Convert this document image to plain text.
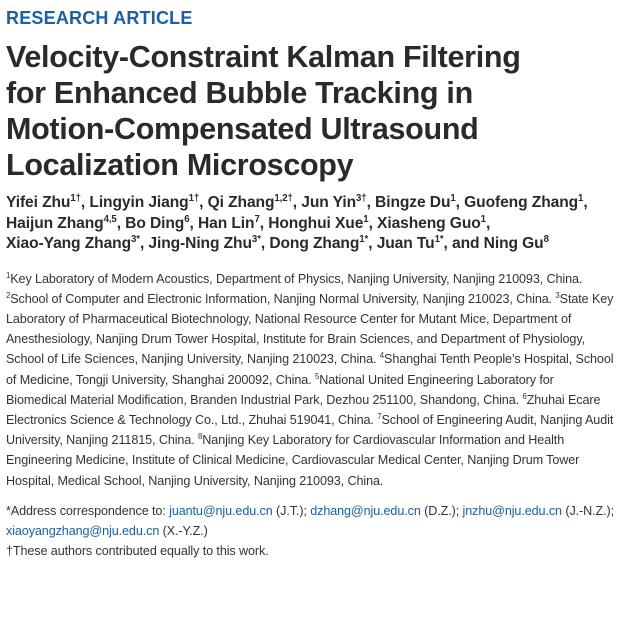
RESEARCH ARTICLE
Velocity-Constraint Kalman Filtering
for Enhanced Bubble Tracking in
Motion-Compensated Ultrasound
Localization Microscopy
Yifei Zhu$^{1\dagger}$, Lingyin Jiang$^{1\dagger}$, Qi Zhang$^{1,2\dagger}$, Jun Yin$^{3\dagger}$, Bingze Du$^1$, Guofeng Zhang$^1$, Haijun Zhang$^{4,5}$, Bo Ding$^6$, Han Lin$^7$, Honghui Xue$^1$, Xiasheng Guo$^1$, Xiao-Yang Zhang$^{3*}$, Jing-Ning Zhu$^{3*}$, Dong Zhang$^{1*}$, Juan $Tu^{1*}$, and Ning Gu$^8$
$^1$Key Laboratory of Modern Acoustics, Department of Physics, Nanjing University, Nanjing 210093, China. $^2$School of Computer and Electronic Information, Nanjing Normal University, Nanjing 210023, China. $^3$State Key Laboratory of Pharmaceutical Biotechnology, National Resource Center for Mutant Mice, Department of Anesthesiology, Nanjing Drum Tower Hospital, Institute for Brain Sciences, and Department of Physiology, School of Life Sciences, Nanjing University, Nanjing 210023, China. $^4$Shanghai Tenth People’s Hospital, School of Medicine, Tongji University, Shanghai 200092, China. $^5$National United Engineering Laboratory for Biomedical Material Modification, Branden Industrial Park, Dezhou 251100, Shandong, China. $^6$Zhuhai Ecare Electronics Science & Technology Co., Ltd., Zhuhai 519041, China. $^7$School of Engineering Audit, Nanjing Audit University, Nanjing 211815, China. $^8$Nanjing Key Laboratory for Cardiovascular Information and Health Engineering Medicine, Institute of Clinical Medicine, Cardiovascular Medical Center, Nanjing Drum Tower Hospital, Medical School, Nanjing University, Nanjing 210093, China.
*Address correspondence to: juantu@nju.edu.cn (J.T.); dzhang@nju.edu.cn (D.Z.); jnzhu@nju.edu.cn (J.-N.Z.); xiaoyangzhang@nju.edu.cn (X.-Y.Z.)
†These authors contributed equally to this work.
